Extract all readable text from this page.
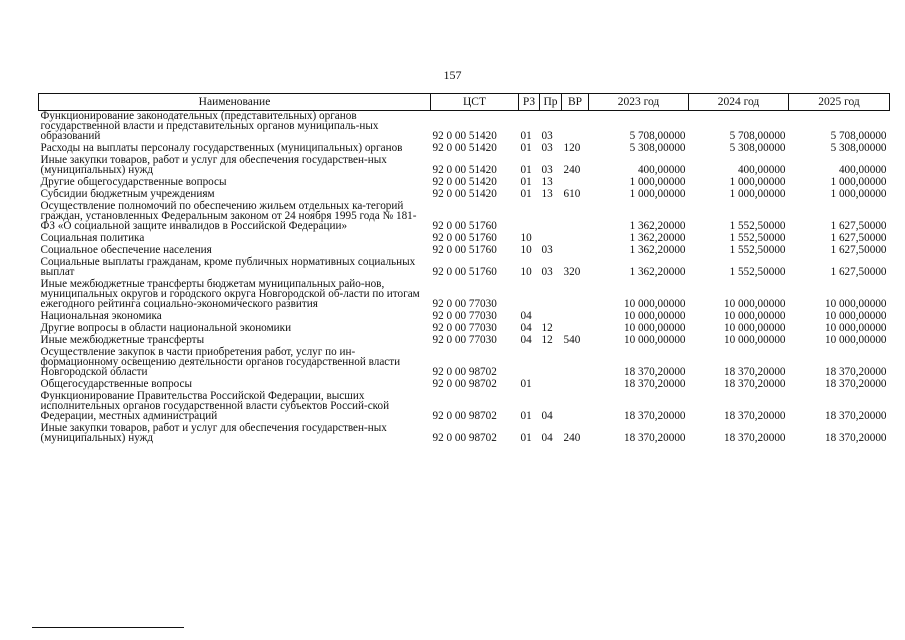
157
Наименование	ЦСТ	РЗ	Пр	ВР	2023 год	2024 год	2025 год
Функционирование законодательных (представительных) органов государственной власти и представительных органов муниципаль-ных образований	92 0 00 51420	01	03		5 708,00000	5 708,00000	5 708,00000
Расходы на выплаты персоналу государственных (муниципальных) органов	92 0 00 51420	01	03	120	5 308,00000	5 308,00000	5 308,00000
Иные закупки товаров, работ и услуг для обеспечения государствен-ных (муниципальных) нужд	92 0 00 51420	01	03	240	400,00000	400,00000	400,00000
Другие общегосударственные вопросы	92 0 00 51420	01	13		1 000,00000	1 000,00000	1 000,00000
Субсидии бюджетным учреждениям	92 0 00 51420	01	13	610	1 000,00000	1 000,00000	1 000,00000
Осуществление полномочий по обеспечению жильем отдельных ка-тегорий граждан, установленных Федеральным законом от 24 ноября 1995 года № 181-ФЗ «О социальной защите инвалидов в Российской Федерации»	92 0 00 51760				1 362,20000	1 552,50000	1 627,50000
Социальная политика	92 0 00 51760	10			1 362,20000	1 552,50000	1 627,50000
Социальное обеспечение населения	92 0 00 51760	10	03		1 362,20000	1 552,50000	1 627,50000
Социальные выплаты гражданам, кроме публичных нормативных социальных выплат	92 0 00 51760	10	03	320	1 362,20000	1 552,50000	1 627,50000
Иные межбюджетные трансферты бюджетам муниципальных райо-нов, муниципальных округов и городского округа Новгородской об-ласти по итогам ежегодного рейтинга социально-экономического развития	92 0 00 77030				10 000,00000	10 000,00000	10 000,00000
Национальная экономика	92 0 00 77030	04			10 000,00000	10 000,00000	10 000,00000
Другие вопросы в области национальной экономики	92 0 00 77030	04	12		10 000,00000	10 000,00000	10 000,00000
Иные межбюджетные трансферты	92 0 00 77030	04	12	540	10 000,00000	10 000,00000	10 000,00000
Осуществление закупок в части приобретения работ, услуг по ин-формационному освещению деятельности органов государственной власти Новгородской области	92 0 00 98702				18 370,20000	18 370,20000	18 370,20000
Общегосударственные вопросы	92 0 00 98702	01			18 370,20000	18 370,20000	18 370,20000
Функционирование Правительства Российской Федерации, высших исполнительных органов государственной власти субъектов Россий-ской Федерации, местных администраций	92 0 00 98702	01	04		18 370,20000	18 370,20000	18 370,20000
Иные закупки товаров, работ и услуг для обеспечения государствен-ных (муниципальных) нужд	92 0 00 98702	01	04	240	18 370,20000	18 370,20000	18 370,20000
